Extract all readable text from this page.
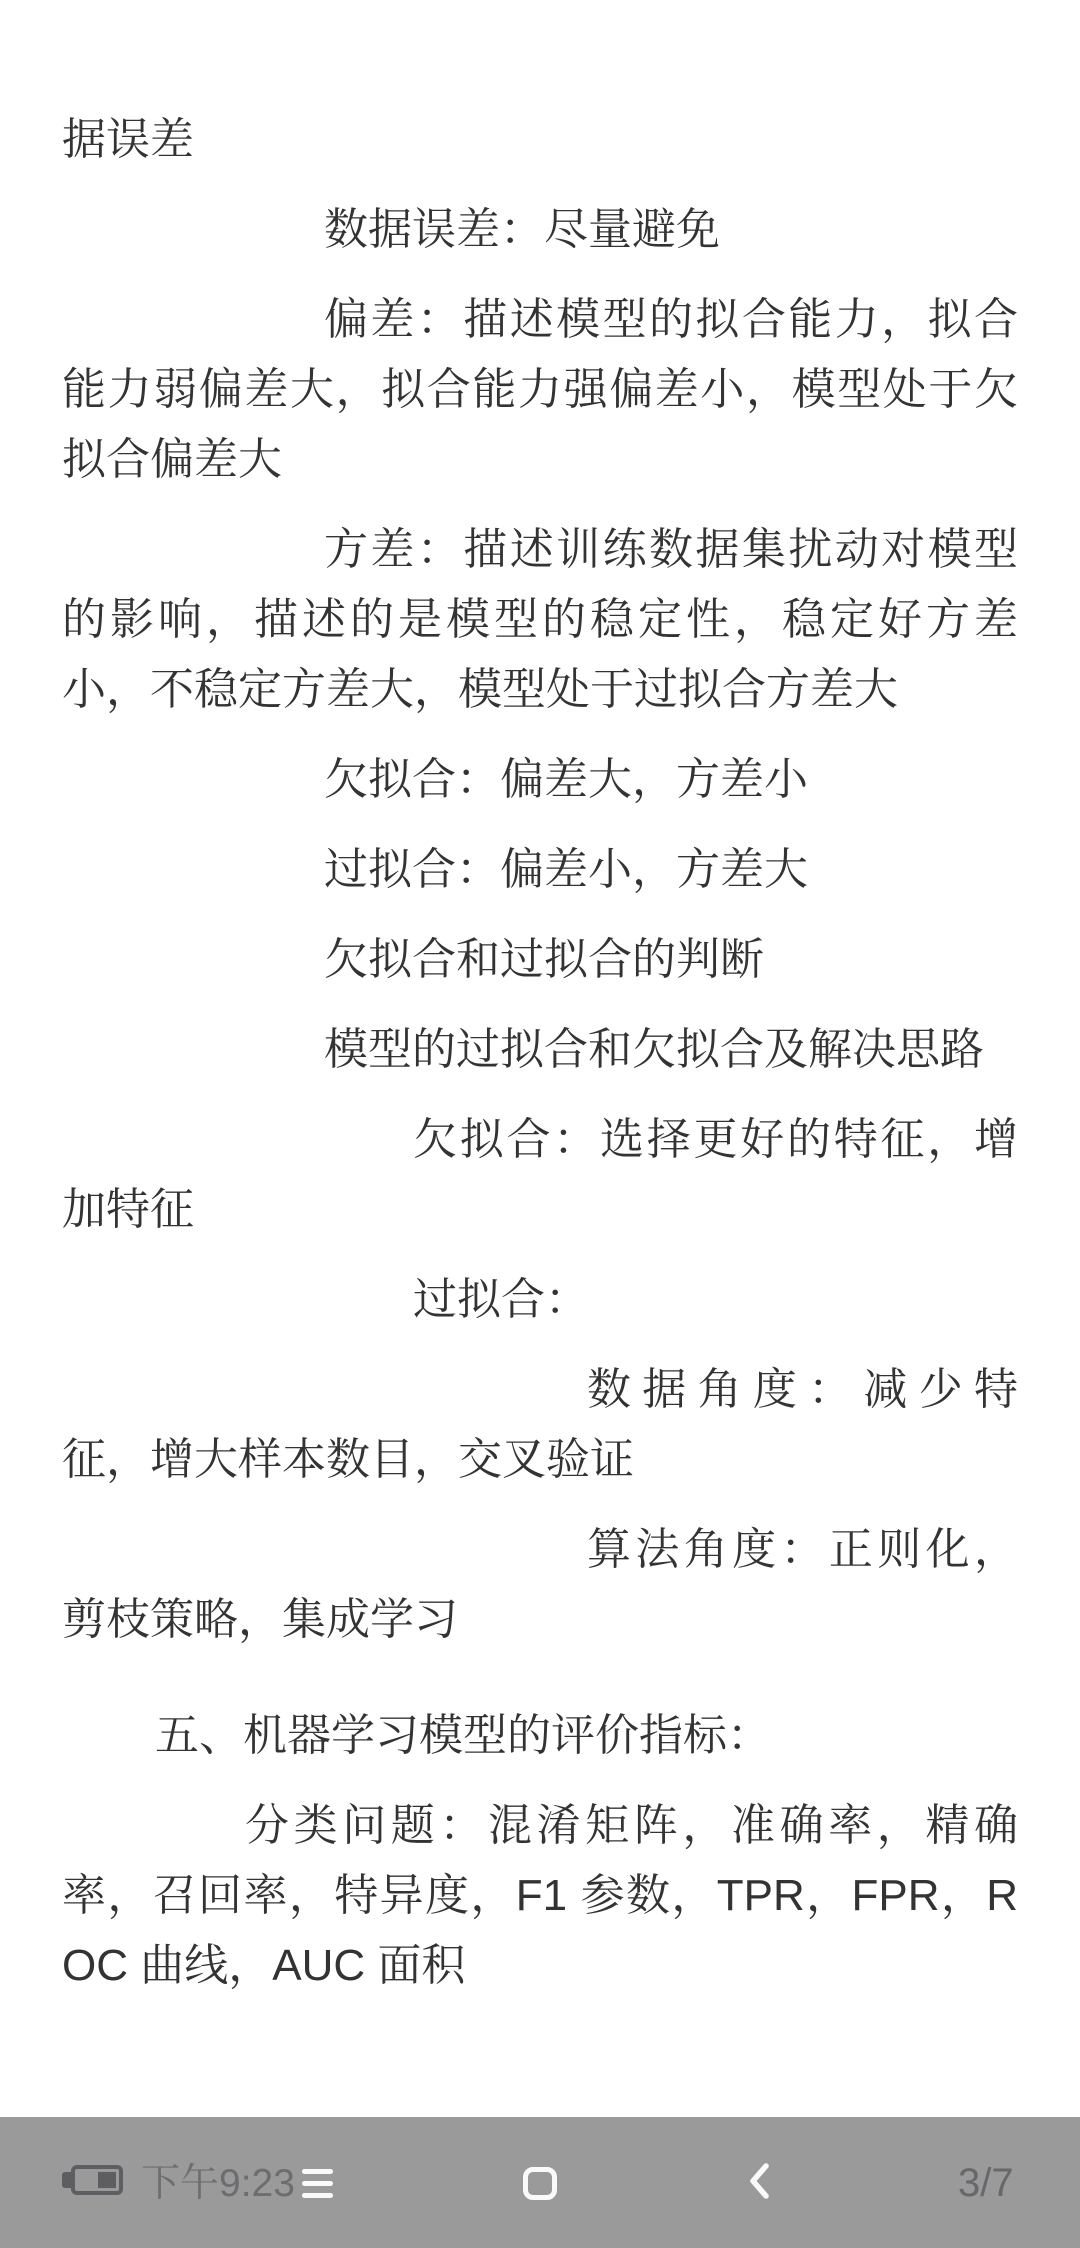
据误差

数据误差：尽量避免

偏差：描述模型的拟合能力，拟合能力弱偏差大，拟合能力强偏差小，模型处于欠拟合偏差大

方差：描述训练数据集扰动对模型的影响，描述的是模型的稳定性，稳定好方差小，不稳定方差大，模型处于过拟合方差大

欠拟合：偏差大，方差小

过拟合：偏差小，方差大

欠拟合和过拟合的判断

模型的过拟合和欠拟合及解决思路

欠拟合：选择更好的特征，增加特征

过拟合：

数据角度：减少特征，增大样本数目，交叉验证

算法角度：正则化，剪枝策略，集成学习

五、机器学习模型的评价指标：

分类问题：混淆矩阵，准确率，精确率，召回率，特异度，F1 参数，TPR，FPR，ROC 曲线，AUC 面积

下午9:23	3/7
